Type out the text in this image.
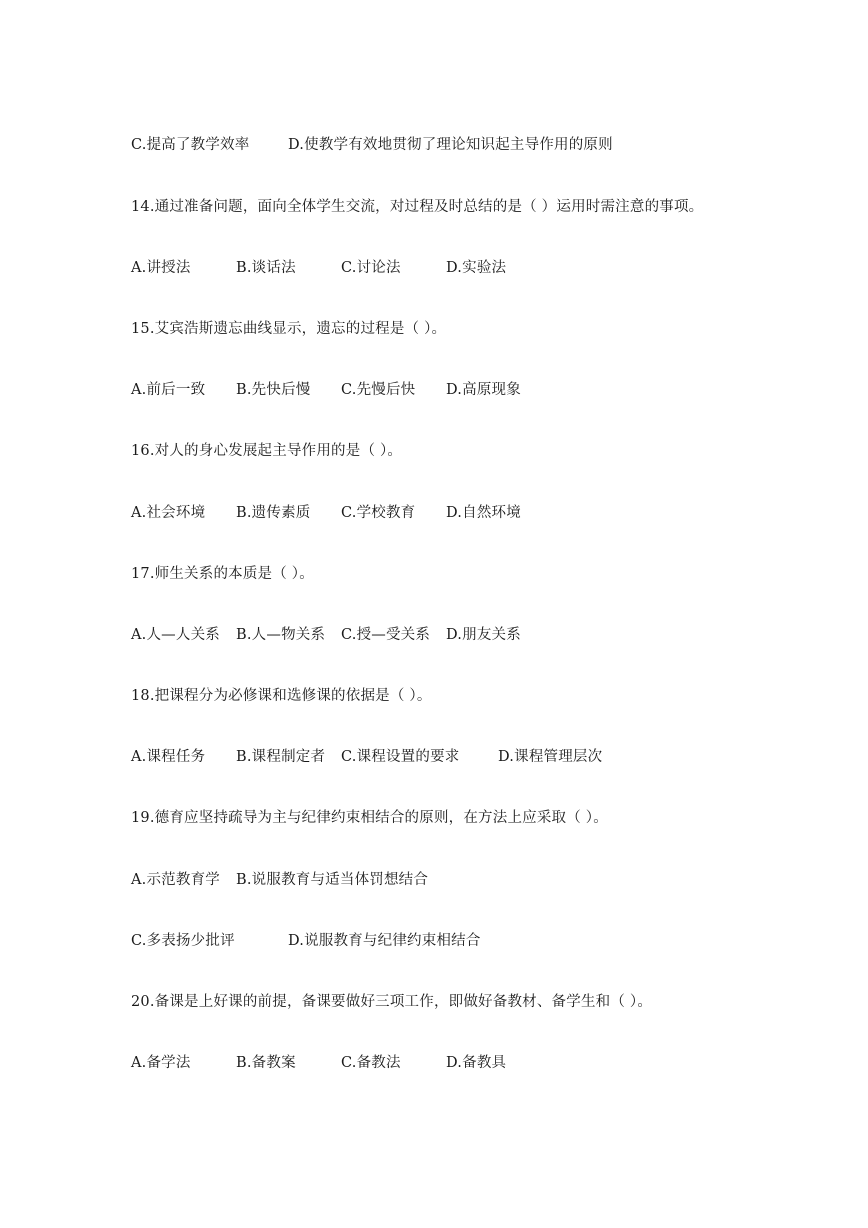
C.提高了教学效率	D.使教学有效地贯彻了理论知识起主导作用的原则
14.通过准备问题，面向全体学生交流，对过程及时总结的是（ ）运用时需注意的事项。
A.讲授法	B.谈话法	C.讨论法	D.实验法
15.艾宾浩斯遗忘曲线显示，遗忘的过程是（ ）。
A.前后一致 B.先快后慢 C.先慢后快 D.高原现象
16.对人的身心发展起主导作用的是（ ）。
A.社会环境 B.遗传素质 C.学校教育 D.自然环境
17.师生关系的本质是（ ）。
A.人—人关系 B.人—物关系 C.授—受关系 D.朋友关系
18.把课程分为必修课和选修课的依据是（ ）。
A.课程任务 B.课程制定者 C.课程设置的要求	D.课程管理层次
19.德育应坚持疏导为主与纪律约束相结合的原则，在方法上应采取（ ）。
A.示范教育学 B.说服教育与适当体罚想结合
C.多表扬少批评	D.说服教育与纪律约束相结合
20.备课是上好课的前提，备课要做好三项工作，即做好备教材、备学生和（ ）。
A.备学法	B.备教案	C.备教法	D.备教具
